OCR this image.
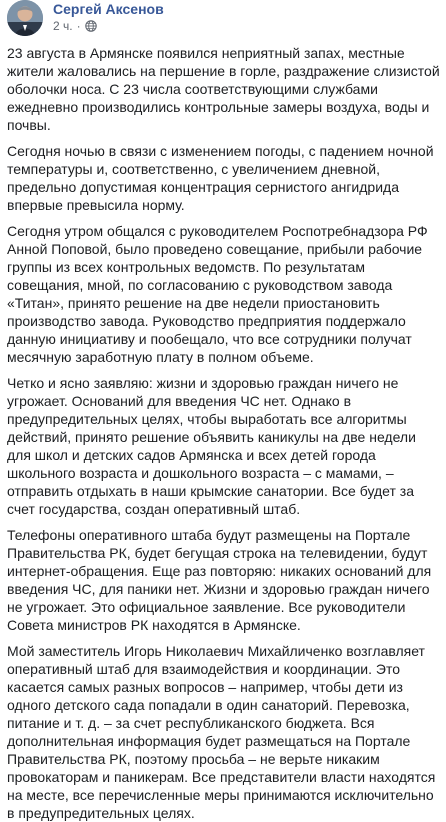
Сергей Аксенов
2 ч. ·

23 августа в Армянске появился неприятный запах, местные жители жаловались на першение в горле, раздражение слизистой оболочки носа. С 23 числа соответствующими службами ежедневно производились контрольные замеры воздуха, воды и почвы.

Сегодня ночью в связи с изменением погоды, с падением ночной температуры и, соответственно, с увеличением дневной, предельно допустимая концентрация сернистого ангидрида впервые превысила норму.

Сегодня утром общался с руководителем Роспотребнадзора РФ Анной Поповой, было проведено совещание, прибыли рабочие группы из всех контрольных ведомств. По результатам совещания, мной, по согласованию с руководством завода «Титан», принято решение на две недели приостановить производство завода. Руководство предприятия поддержало данную инициативу и пообещало, что все сотрудники получат месячную заработную плату в полном объеме.

Четко и ясно заявляю: жизни и здоровью граждан ничего не угрожает. Оснований для введения ЧС нет. Однако в предупредительных целях, чтобы выработать все алгоритмы действий, принято решение объявить каникулы на две недели для школ и детских садов Армянска и всех детей города школьного возраста и дошкольного возраста – с мамами, – отправить отдыхать в наши крымские санатории. Все будет за счет государства, создан оперативный штаб.

Телефоны оперативного штаба будут размещены на Портале Правительства РК, будет бегущая строка на телевидении, будут интернет-обращения. Еще раз повторяю: никаких оснований для введения ЧС, для паники нет. Жизни и здоровью граждан ничего не угрожает. Это официальное заявление. Все руководители Совета министров РК находятся в Армянске.

Мой заместитель Игорь Николаевич Михайличенко возглавляет оперативный штаб для взаимодействия и координации. Это касается самых разных вопросов – например, чтобы дети из одного детского сада попадали в один санаторий. Перевозка, питание и т. д. – за счет республиканского бюджета. Вся дополнительная информация будет размещаться на Портале Правительства РК, поэтому просьба – не верьте никаким провокаторам и паникерам. Все представители власти находятся на месте, все перечисленные меры принимаются исключительно в предупредительных целях.
